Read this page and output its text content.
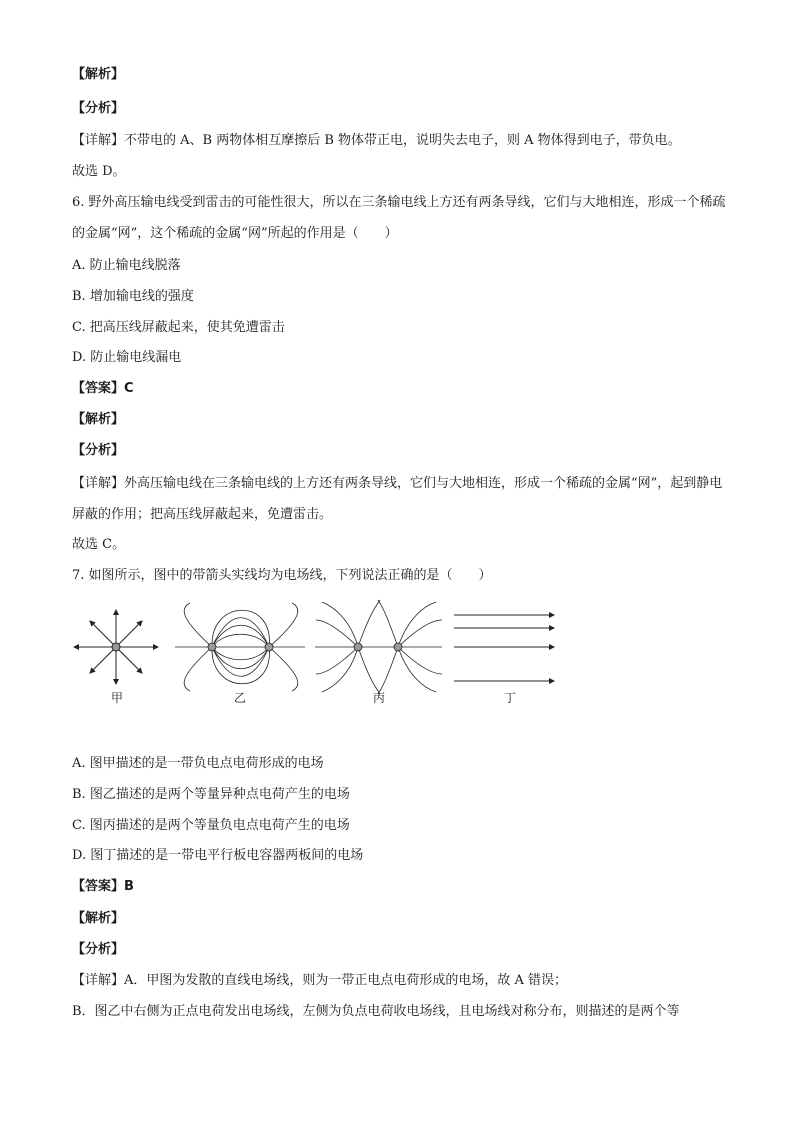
【解析】
【分析】
【详解】不带电的 A、B 两物体相互摩擦后 B 物体带正电，说明失去电子，则 A 物体得到电子，带负电。
故选 D。
6. 野外高压输电线受到雷击的可能性很大，所以在三条输电线上方还有两条导线，它们与大地相连，形成一个稀疏的金属“网”，这个稀疏的金属“网”所起的作用是（　　）
A. 防止输电线脱落
B. 增加输电线的强度
C. 把高压线屏蔽起来，使其免遭雷击
D. 防止输电线漏电
【答案】C
【解析】
【分析】
【详解】外高压输电线在三条输电线的上方还有两条导线，它们与大地相连，形成一个稀疏的金属“网”，起到静电屏蔽的作用；把高压线屏蔽起来，免遭雷击。
故选 C。
7. 如图所示，图中的带箭头实线均为电场线，下列说法正确的是（　　）
甲	乙	丙	丁
A. 图甲描述的是一带负电点电荷形成的电场
B. 图乙描述的是两个等量异种点电荷产生的电场
C. 图丙描述的是两个等量负电点电荷产生的电场
D. 图丁描述的是一带电平行板电容器两板间的电场
【答案】B
【解析】
【分析】
【详解】A．甲图为发散的直线电场线，则为一带正电点电荷形成的电场，故 A 错误；
B．图乙中右侧为正点电荷发出电场线，左侧为负点电荷收电场线，且电场线对称分布，则描述的是两个等
